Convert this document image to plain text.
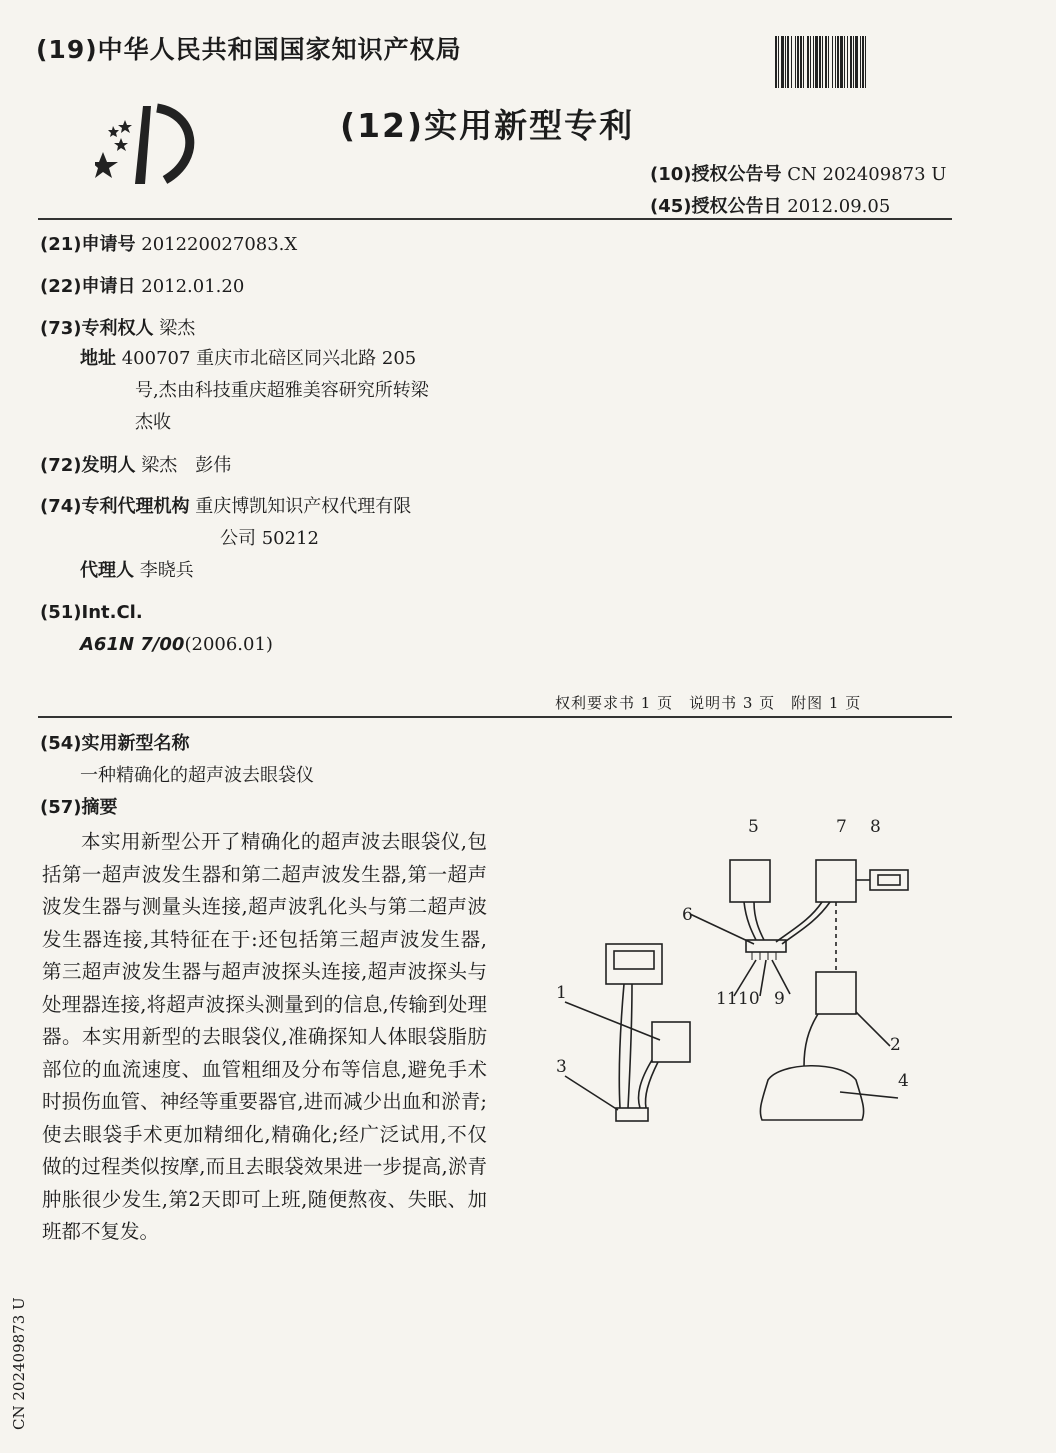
(19)中华人民共和国国家知识产权局
(12)实用新型专利
(10)授权公告号 CN 202409873 U
(45)授权公告日 2012.09.05
(21)申请号 201220027083.X
(22)申请日 2012.01.20
(73)专利权人 梁杰
地址 400707 重庆市北碚区同兴北路 205
号,杰由科技重庆超雅美容研究所转梁
杰收
(72)发明人 梁杰　彭伟
(74)专利代理机构 重庆博凯知识产权代理有限
公司 50212
代理人 李晓兵
(51)Int.Cl.
A61N 7/00(2006.01)
权利要求书 1 页　说明书 3 页　附图 1 页
(54)实用新型名称
一种精确化的超声波去眼袋仪
(57)摘要
本实用新型公开了精确化的超声波去眼袋仪,包括第一超声波发生器和第二超声波发生器,第一超声波发生器与测量头连接,超声波乳化头与第二超声波发生器连接,其特征在于:还包括第三超声波发生器,第三超声波发生器与超声波探头连接,超声波探头与处理器连接,将超声波探头测量到的信息,传输到处理器。本实用新型的去眼袋仪,准确探知人体眼袋脂肪部位的血流速度、血管粗细及分布等信息,避免手术时损伤血管、神经等重要器官,进而减少出血和淤青;使去眼袋手术更加精细化,精确化;经广泛试用,不仅做的过程类似按摩,而且去眼袋效果进一步提高,淤青肿胀很少发生,第2天即可上班,随便熬夜、失眠、加班都不复发。
1
2
3
4
5
6
7 8
9
10
11
CN 202409873 U
